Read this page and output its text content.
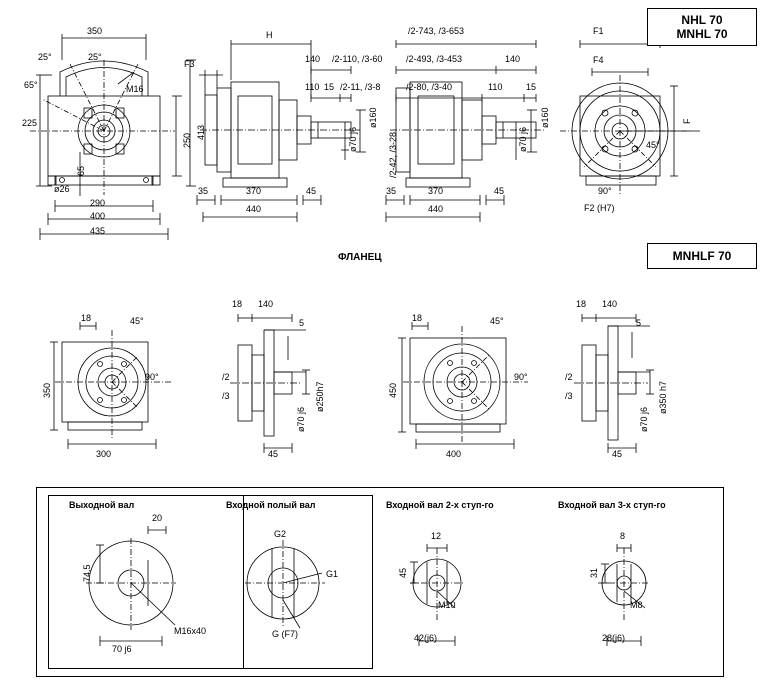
NHL 70
MNHL 70
MNHLF 70
ФЛАНЕЦ
Выходной вал	Входной полый вал	Входной вал 2-х ступ-го	Входной вал 3-х ступ-го
350
25°	25°
65°	M16
225
413
250
65
ø26
290
400
435
F3
H
35	370
440
45
140
110
/2-110, /3-60
15 /2-11, /3-8
ø70 j6
ø160
/2-42, /3-28
/2-743, /3-653
/2-493, /3-453	140
/2-80, /3-40	110	15
ø160
ø70 j6
35	370
440
45
F1
F4
F
45°
90°
F2 (H7)
18	45°
90°
350
300
18 140
5
/2
/3	ø250h7
ø70 j6
45
18	45°
90°
450
400
18 140
5
/2
/3	ø350 h7
ø70 j6
45
20
74,5
M16x40
70 j6
G2
G1
G (F7)
12
45
M10
42(j6)
8
31
M8
28(j6)
